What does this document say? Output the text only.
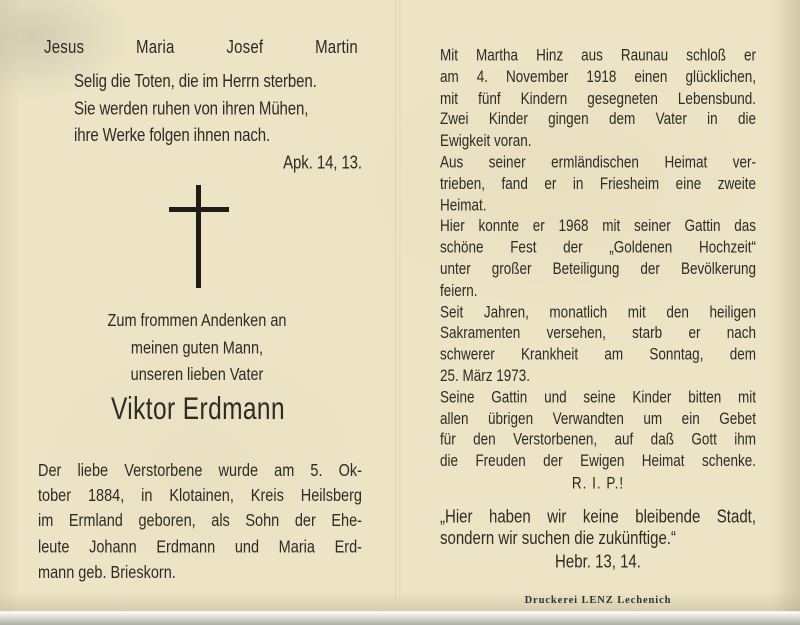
Jesus	Maria	Josef	Martin
Selig die Toten, die im Herrn sterben.
Sie werden ruhen von ihren Mühen,
ihre Werke folgen ihnen nach.
Apk. 14, 13.
Zum frommen Andenken an
meinen guten Mann,
unseren lieben Vater
Viktor Erdmann
Der liebe Verstorbene wurde am 5. Ok-
tober 1884, in Klotainen, Kreis Heilsberg
im Ermland geboren, als Sohn der Ehe-
leute Johann Erdmann und Maria Erd-
mann geb. Brieskorn.
Mit Martha Hinz aus Raunau schloß er
am 4. November 1918 einen glücklichen,
mit fünf Kindern gesegneten Lebensbund.
Zwei Kinder gingen dem Vater in die
Ewigkeit voran.
Aus seiner ermländischen Heimat ver-
trieben, fand er in Friesheim eine zweite
Heimat.
Hier konnte er 1968 mit seiner Gattin das
schöne Fest der „Goldenen Hochzeit“
unter großer Beteiligung der Bevölkerung
feiern.
Seit Jahren, monatlich mit den heiligen
Sakramenten versehen, starb er nach
schwerer Krankheit am Sonntag, dem
25. März 1973.
Seine Gattin und seine Kinder bitten mit
allen übrigen Verwandten um ein Gebet
für den Verstorbenen, auf daß Gott ihm
die Freuden der Ewigen Heimat schenke.
R. I. P.!
„Hier haben wir keine bleibende Stadt,
sondern wir suchen die zukünftige.“
Hebr. 13, 14.
Druckerei LENZ Lechenich
